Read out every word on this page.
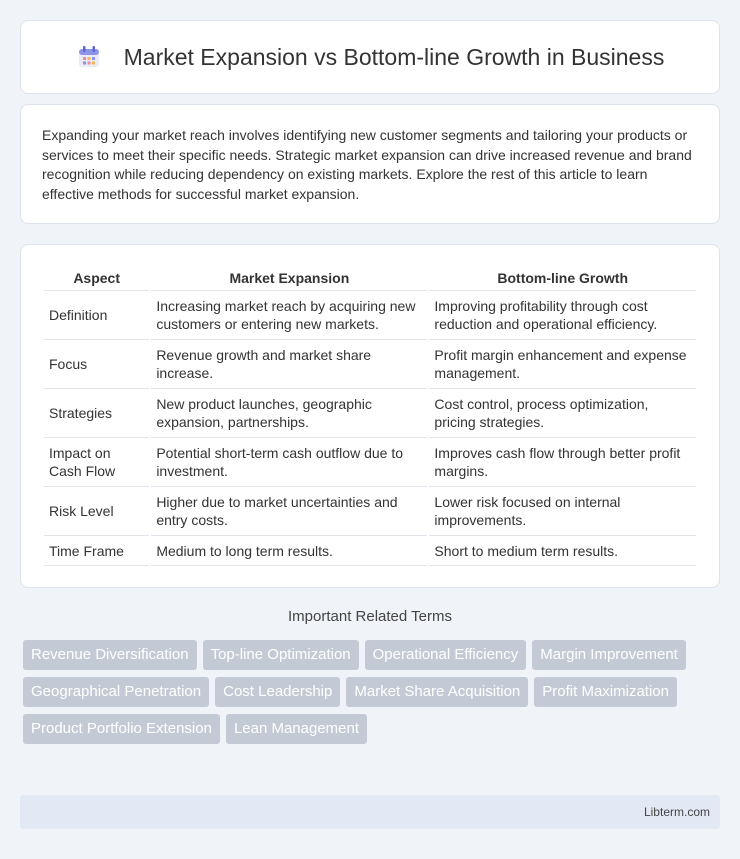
Market Expansion vs Bottom-line Growth in Business

Expanding your market reach involves identifying new customer segments and tailoring your products or services to meet their specific needs. Strategic market expansion can drive increased revenue and brand recognition while reducing dependency on existing markets. Explore the rest of this article to learn effective methods for successful market expansion.

Aspect	Market Expansion	Bottom-line Growth
Definition	Increasing market reach by acquiring new customers or entering new markets.	Improving profitability through cost reduction and operational efficiency.
Focus	Revenue growth and market share increase.	Profit margin enhancement and expense management.
Strategies	New product launches, geographic expansion, partnerships.	Cost control, process optimization, pricing strategies.
Impact on Cash Flow	Potential short-term cash outflow due to investment.	Improves cash flow through better profit margins.
Risk Level	Higher due to market uncertainties and entry costs.	Lower risk focused on internal improvements.
Time Frame	Medium to long term results.	Short to medium term results.
Important Related Terms
Revenue Diversification	Top-line Optimization	Operational Efficiency	Margin Improvement
Geographical Penetration	Cost Leadership	Market Share Acquisition	Profit Maximization
Product Portfolio Extension	Lean Management
Libterm.com
